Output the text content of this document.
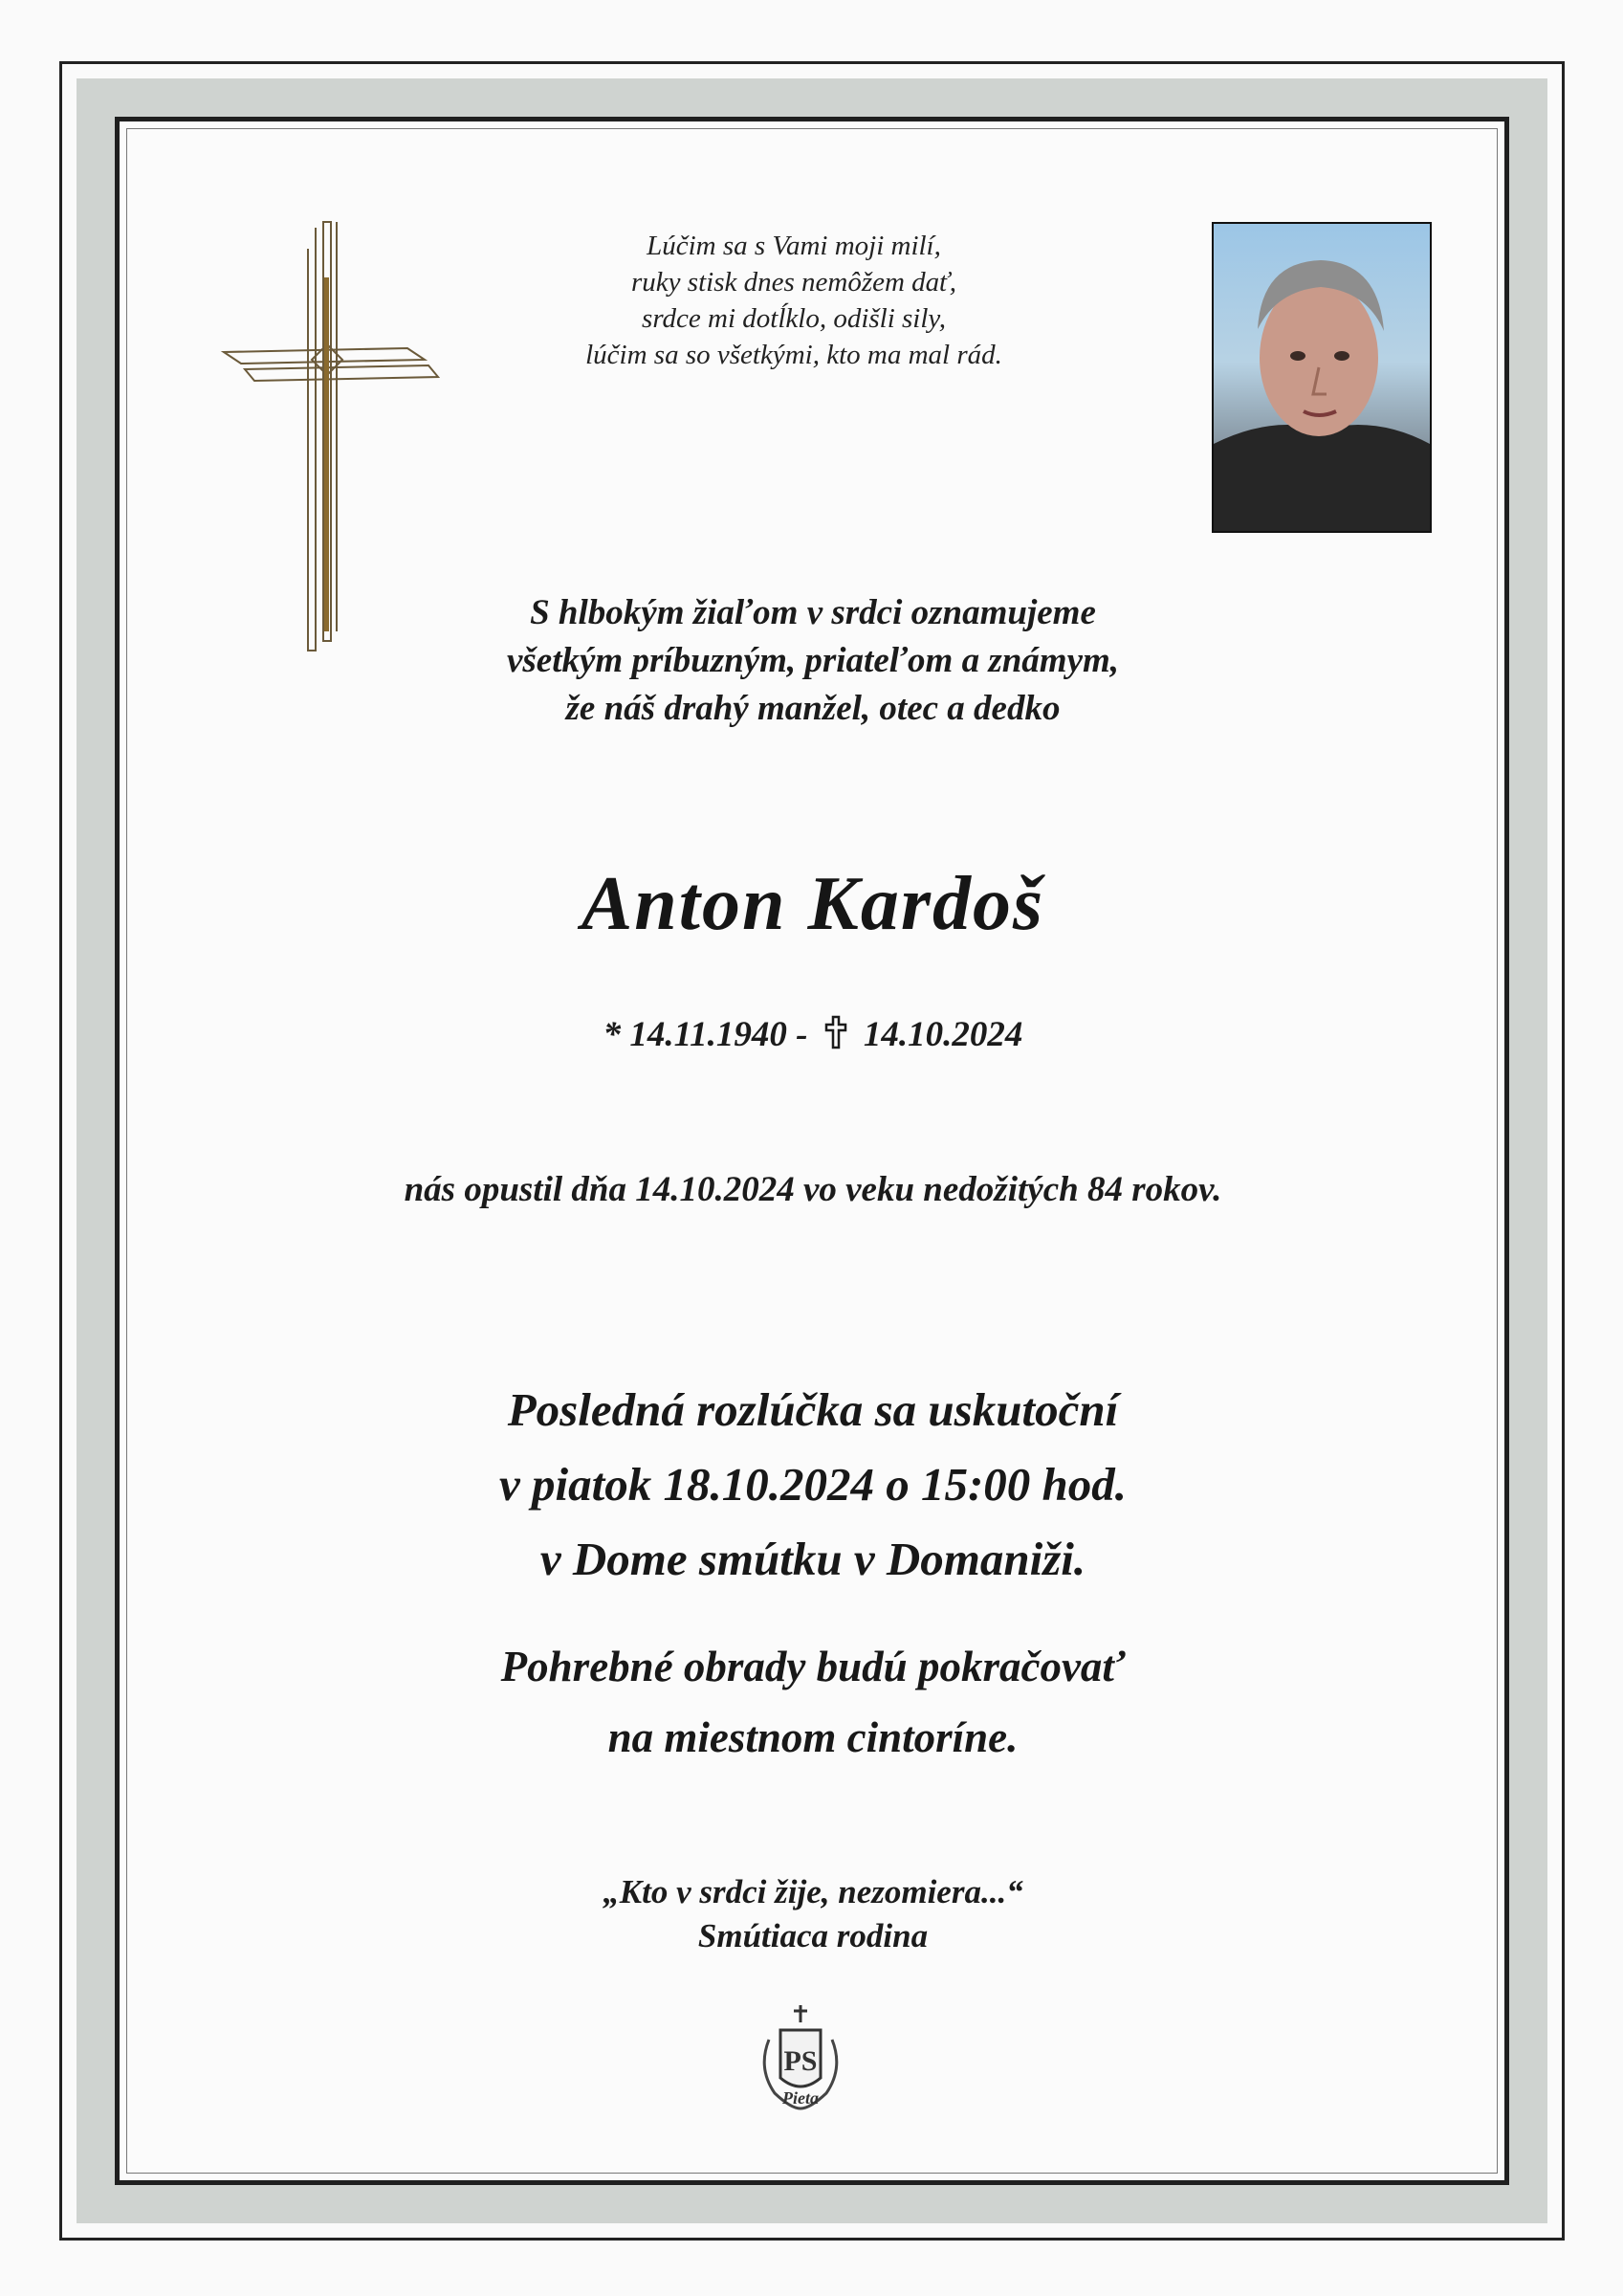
Lúčim sa s Vami moji milí,
ruky stisk dnes nemôžem dať,
srdce mi dotĺklo, odišli sily,
lúčim sa so všetkými, kto ma mal rád.
S hlbokým žiaľom v srdci oznamujeme
všetkým príbuzným, priateľom a známym,
že náš drahý manžel, otec a dedko
Anton Kardoš
* 14.11.1940 - 14.10.2024
nás opustil dňa 14.10.2024 vo veku nedožitých 84 rokov.
Posledná rozlúčka sa uskutoční
v piatok 18.10.2024 o 15:00 hod.
v Dome smútku v Domaniži.
Pohrebné obrady budú pokračovať
na miestnom cintoríne.
„Kto v srdci žije, nezomiera...“
Smútiaca rodina
PS
Pieta
